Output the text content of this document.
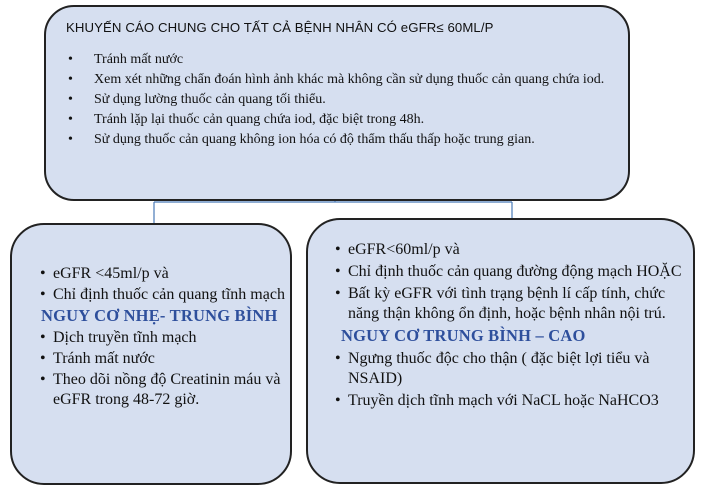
KHUYẾN CÁO CHUNG CHO TẤT CẢ BỆNH NHÂN CÓ eGFR≤ 60ML/P
• Tránh mất nước
• Xem xét những chẩn đoán hình ảnh khác mà không cần sử dụng thuốc cản quang chứa iod.
• Sử dụng lường thuốc cản quang tối thiểu.
• Tránh lặp lại thuốc cản quang chứa iod, đặc biệt trong 48h.
• Sử dụng thuốc cản quang không ion hóa có độ thẩm thấu thấp hoặc trung gian.
• eGFR <45ml/p và
• Chỉ định thuốc cản quang tĩnh mạch
NGUY CƠ NHẸ- TRUNG BÌNH
• Dịch truyền tĩnh mạch
• Tránh mất nước
• Theo dõi nồng độ Creatinin máu và eGFR trong 48-72 giờ.
• eGFR<60ml/p và
• Chỉ định thuốc cản quang đường động mạch HOẶC
• Bất kỳ eGFR với tình trạng bệnh lí cấp tính, chức năng thận không ổn định, hoặc bệnh nhân nội trú.
NGUY CƠ TRUNG BÌNH – CAO
• Ngưng thuốc độc cho thận ( đặc biệt lợi tiểu và NSAID)
• Truyền dịch tĩnh mạch với NaCL hoặc NaHCO3
